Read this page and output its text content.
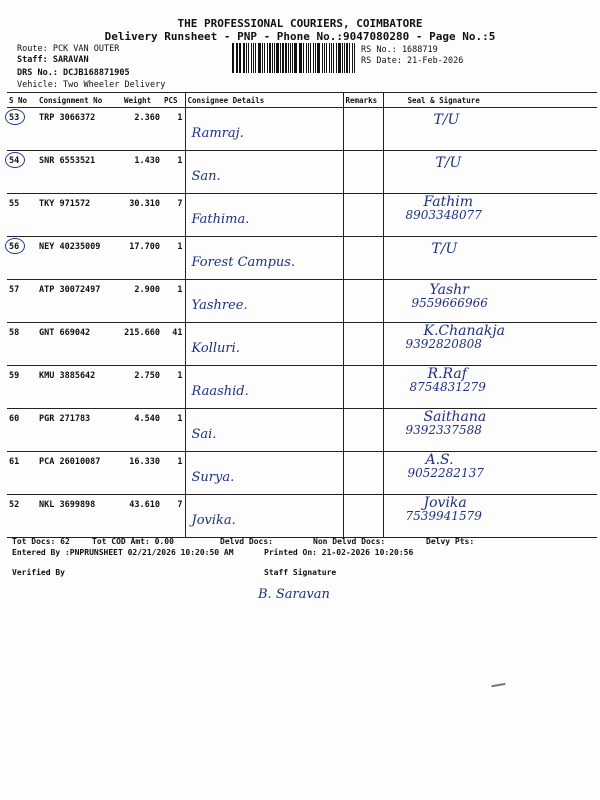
THE PROFESSIONAL COURIERS, COIMBATORE
Delivery Runsheet - PNP - Phone No.:9047080280 - Page No.:5
Route: PCK VAN OUTER
Staff: SARAVAN
DRS No.: DCJB168871905
Vehicle: Two Wheeler Delivery
RS No.: 1688719
RS Date: 21-Feb-2026
S No	Consignment No	Weight	PCS	Consignee Details	Remarks	Seal & Signature

53	TRP 3066372	2.360	1	Ramraj.		T/U

54	SNR 6553521	1.430	1	San.		T/U

55	TKY 971572	30.310	7	Fathima.		Fathim
8903348077

56	NEY 40235009	17.700	1	Forest Campus.		T/U

57	ATP 30072497	2.900	1	Yashree.		Yashr
9559666966

58	GNT 669042	215.660	41	Kolluri.		K.Chanakja
9392820808

59	KMU 3885642	2.750	1	Raashid.		R.Raf
8754831279

60	PGR 271783	4.540	1	Sai.		Saithana
9392337588

61	PCA 26010087	16.330	1	Surya.		A.S.
9052282137

52	NKL 3699898	43.610	7	Jovika.		Jovika
7539941579
Tot Docs: 62	Tot COD Amt: 0.00	Delvd Docs:	Non Delvd Docs:	Delvy Pts:
Entered By :PNPRUNSHEET 02/21/2026 10:20:50 AM	Printed On: 21-02-2026 10:20:56
Verified By	Staff Signature
B. Saravan
